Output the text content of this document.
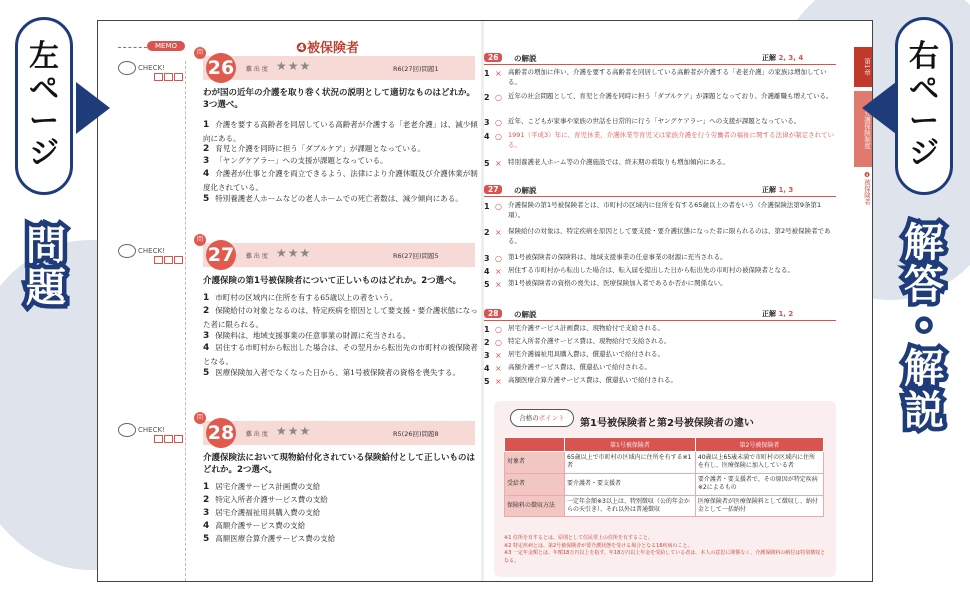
左
ペ
ー
ジ
問
題
右
ペ
ー
ジ
解
答
・
解
説
MEMO	❹被保険者
CHECK!
問
26 難 出 度 ★★★	R6(27回)問題1
わが国の近年の介護を取り巻く状況の説明として適切なものはどれか。3つ選べ。
1 介護を要する高齢者を同居している高齢者が介護する「老老介護」は、減少傾向にある。
2 育児と介護を同時に担う「ダブルケア」が課題となっている。
3 「ヤングケアラー」への支援が課題となっている。
4 介護者が仕事と介護を両立できるよう、法律により介護休暇及び介護休業が制度化されている。
5 特別養護老人ホームなどの老人ホームでの死亡者数は、減少傾向にある。
CHECK!
問
27 難 出 度 ★★★	R6(27回)問題5
介護保険の第1号被保険者について正しいものはどれか。2つ選べ。
1 市町村の区域内に住所を有する65歳以上の者をいう。
2 保険給付の対象となるのは、特定疾病を原因として要支援・要介護状態になった者に限られる。
3 保険料は、地域支援事業の任意事業の財源に充当される。
4 居住する市町村から転出した場合は、その翌月から転出先の市町村の被保険者となる。
5 医療保険加入者でなくなった日から、第1号被保険者の資格を喪失する。
CHECK!
問
28 難 出 度 ★★★	R5(26回)問題8
介護保険法において現物給付化されている保険給付として正しいものはどれか。2つ選べ。
1 居宅介護サービス計画費の支給
2 特定入所者介護サービス費の支給
3 居宅介護福祉用具購入費の支給
4 高額介護サービス費の支給
5 高額医療合算介護サービス費の支給
26	の解説	正解 2, 3, 4
1 × 高齢者の増加に伴い、介護を要する高齢者を同居している高齢者が介護する「老老介護」の家族は増加している。
2 ○ 近年の社会問題として、育児と介護を同時に担う「ダブルケア」が課題となっており、介護離職も増えている。
3 ○ 近年、こどもが家事や家族の世話を日常的に行う「ヤングケアラー」への支援が課題となっている。
4 ○ 1991（平成3）年に、育児休業、介護休業等育児又は家族介護を行う労働者の福祉に関する法律が制定されている。
5 × 特別養護老人ホーム等の介護施設では、終末期の看取りも増加傾向にある。
27	の解説	正解 1, 3
1 ○ 介護保険の第1号被保険者とは、市町村の区域内に住所を有する65歳以上の者をいう（介護保険法第9条第1項）。
2 × 保険給付の対象は、特定疾病を原因として要支援・要介護状態になった者に限られるのは、第2号被保険者である。
3 ○ 第1号被保険者の保険料は、地域支援事業の任意事業の財源に充当される。
4 × 居住する市町村から転出した場合は、転入届を提出した日から転出先の市町村の被保険者となる。
5 × 第1号被保険者の資格の喪失は、医療保険加入者であるか否かに関係ない。
28	の解説	正解 1, 2
1 ○ 居宅介護サービス計画費は、現物給付で支給される。
2 ○ 特定入所者介護サービス費は、現物給付で支給される。
3 × 居宅介護福祉用具購入費は、償還払いで給付される。
4 × 高額介護サービス費は、償還払いで給付される。
5 × 高額医療合算介護サービス費は、償還払いで給付される。
合格のポイント	第1号被保険者と第2号被保険者の違い
	第1号被保険者	第2号被保険者
対象者	65歳以上で市町村の区域内に住所を有する※1者	40歳以上65歳未満で市町村の区域内に住所を有し、医療保険に加入している者
受給者	要介護者・要支援者	要介護者・要支援者で、その原因が特定疾病※2によるもの
保険料の徴収方法	一定年金額※3以上は、特別徴収（公的年金からの天引き）、それ以外は普通徴収	医療保険者が医療保険料として徴収し、納付金として一括納付
※1 住所を有するとは、原則として住民票上の住所を有すること。
※2 特定疾病とは、第2号被保険者が要介護状態を受ける場合となる16疾病のこと。
※3 一定年金額とは、年額18万円以上を指す。年18万円以上年金を受給している者は、本人の意思に関係なく、介護保険料の納付は特別徴収となる。
第1章
介護保険制度
❹被保険者
